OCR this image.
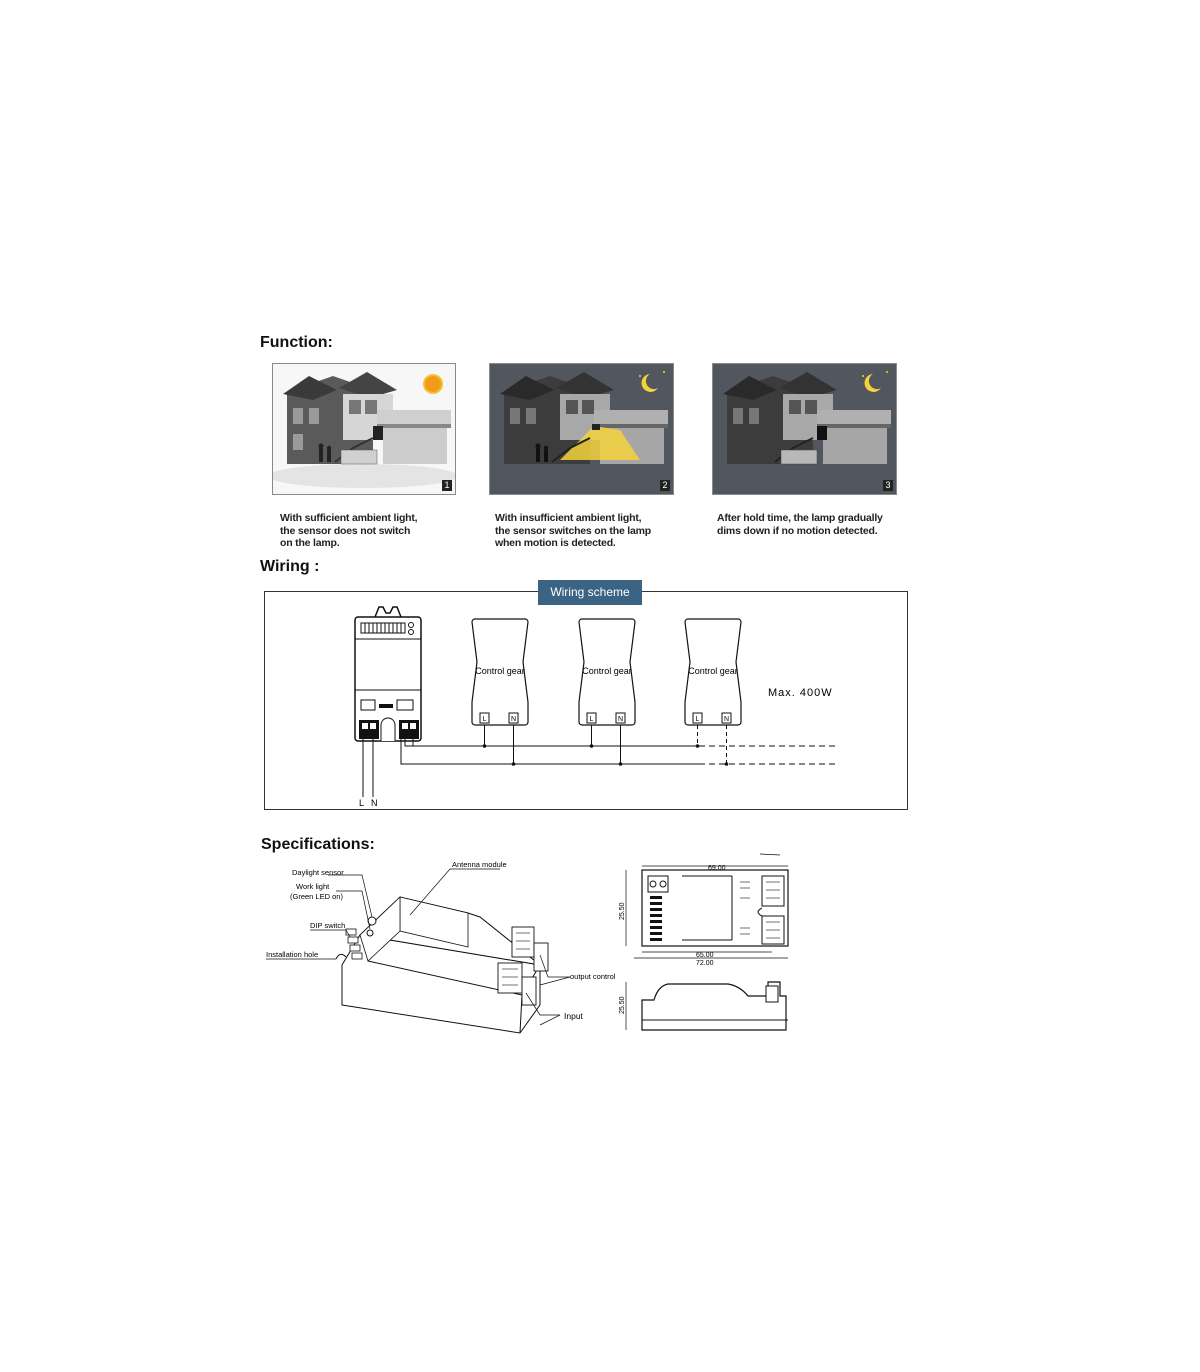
Function:
1	2	3
With sufficient ambient light,
the sensor does not switch
on the lamp.
With insufficient ambient light,
the sensor switches on the lamp
when motion is detected.
After hold time, the lamp gradually
dims down if no motion detected.
Wiring :
L N
Control gear
L	N
Control gear
L	N
Control gear
L	N
Max. 400W
Wiring scheme
Specifications:
Daylight sensor
Work light
(Green LED on)
DIP switch
Installation hole
Antenna module
output control
Input
69.00
65.00
72.00
25.50
25.50
